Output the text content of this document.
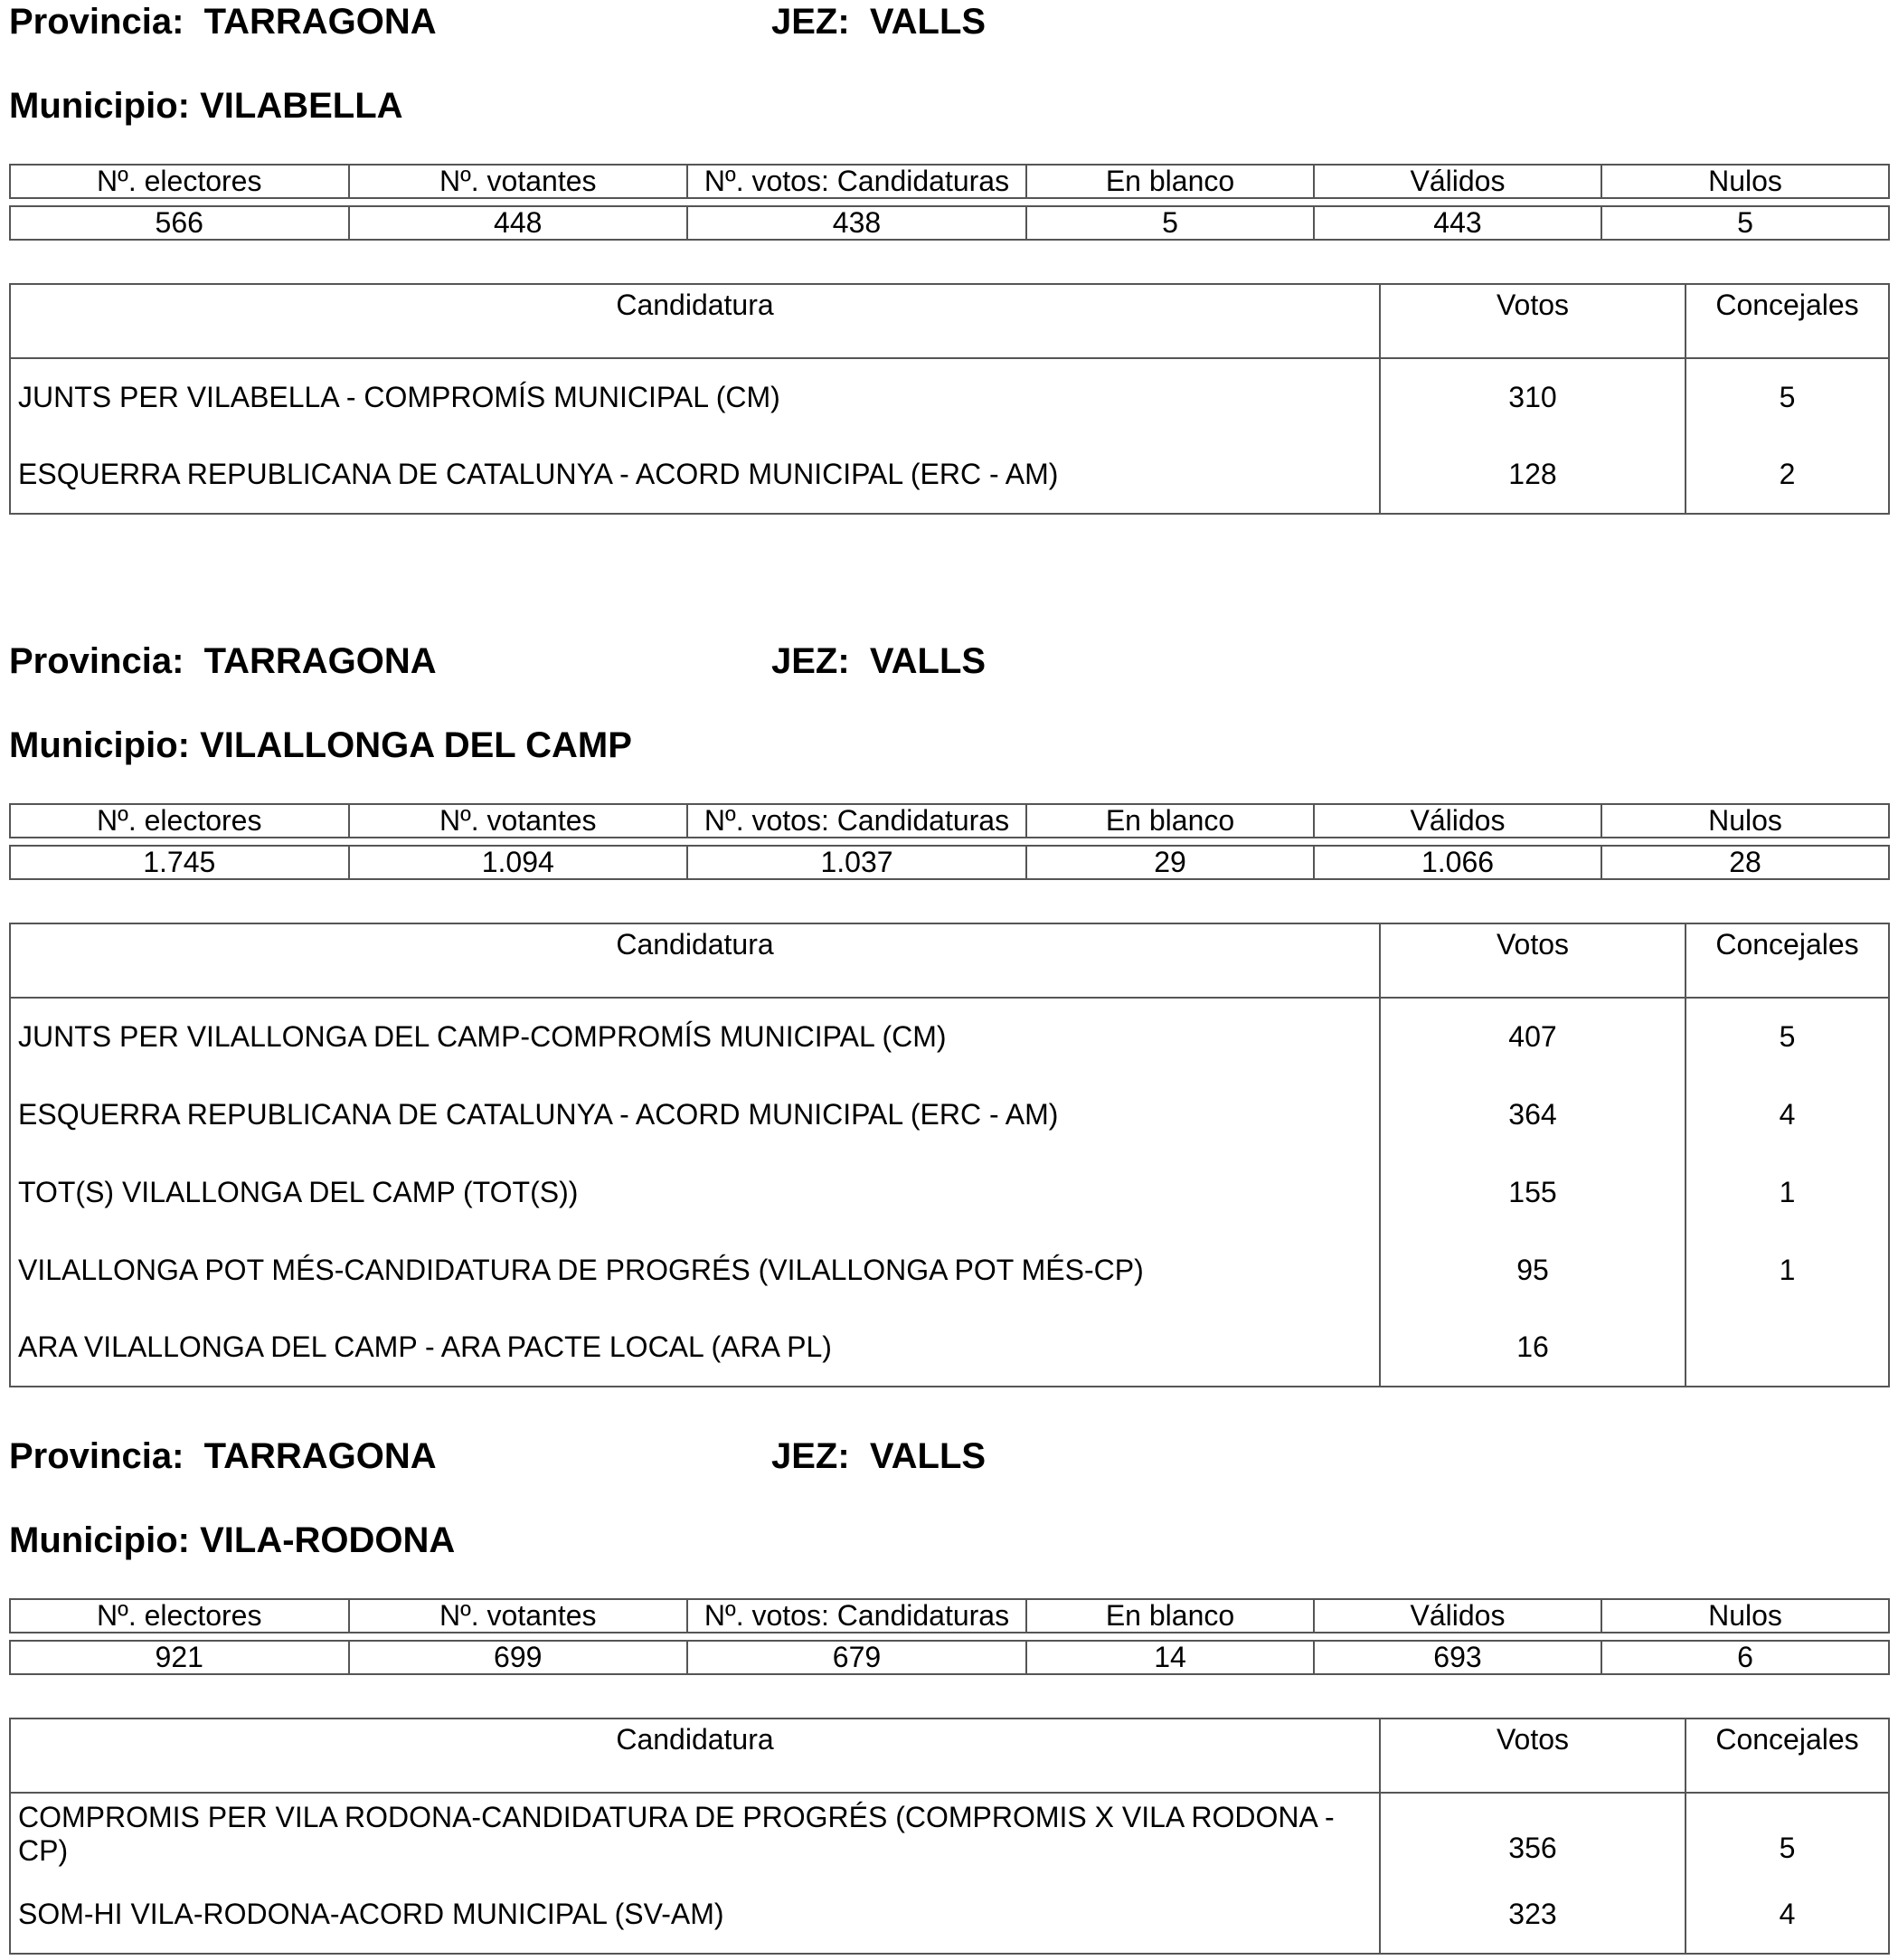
Provincia: TARRAGONA	JEZ: VALLS
Municipio: VILABELLA
Nº. electores	Nº. votantes	Nº. votos: Candidaturas	En blanco	Válidos	Nulos
566	448	438	5	443	5
Candidatura	Votos	Concejales
JUNTS PER VILABELLA - COMPROMÍS MUNICIPAL (CM)	310	5
ESQUERRA REPUBLICANA DE CATALUNYA - ACORD MUNICIPAL (ERC - AM)	128	2
Provincia: TARRAGONA	JEZ: VALLS
Municipio: VILALLONGA DEL CAMP
Nº. electores	Nº. votantes	Nº. votos: Candidaturas	En blanco	Válidos	Nulos
1.745	1.094	1.037	29	1.066	28
Candidatura	Votos	Concejales
JUNTS PER VILALLONGA DEL CAMP-COMPROMÍS MUNICIPAL (CM)	407	5
ESQUERRA REPUBLICANA DE CATALUNYA - ACORD MUNICIPAL (ERC - AM)	364	4
TOT(S) VILALLONGA DEL CAMP (TOT(S))	155	1
VILALLONGA POT MÉS-CANDIDATURA DE PROGRÉS (VILALLONGA POT MÉS-CP)	95	1
ARA VILALLONGA DEL CAMP - ARA PACTE LOCAL (ARA PL)	16	
Provincia: TARRAGONA	JEZ: VALLS
Municipio: VILA-RODONA
Nº. electores	Nº. votantes	Nº. votos: Candidaturas	En blanco	Válidos	Nulos
921	699	679	14	693	6
Candidatura	Votos	Concejales
COMPROMIS PER VILA RODONA-CANDIDATURA DE PROGRÉS (COMPROMIS X VILA RODONA - CP)	356	5
SOM-HI VILA-RODONA-ACORD MUNICIPAL (SV-AM)	323	4
